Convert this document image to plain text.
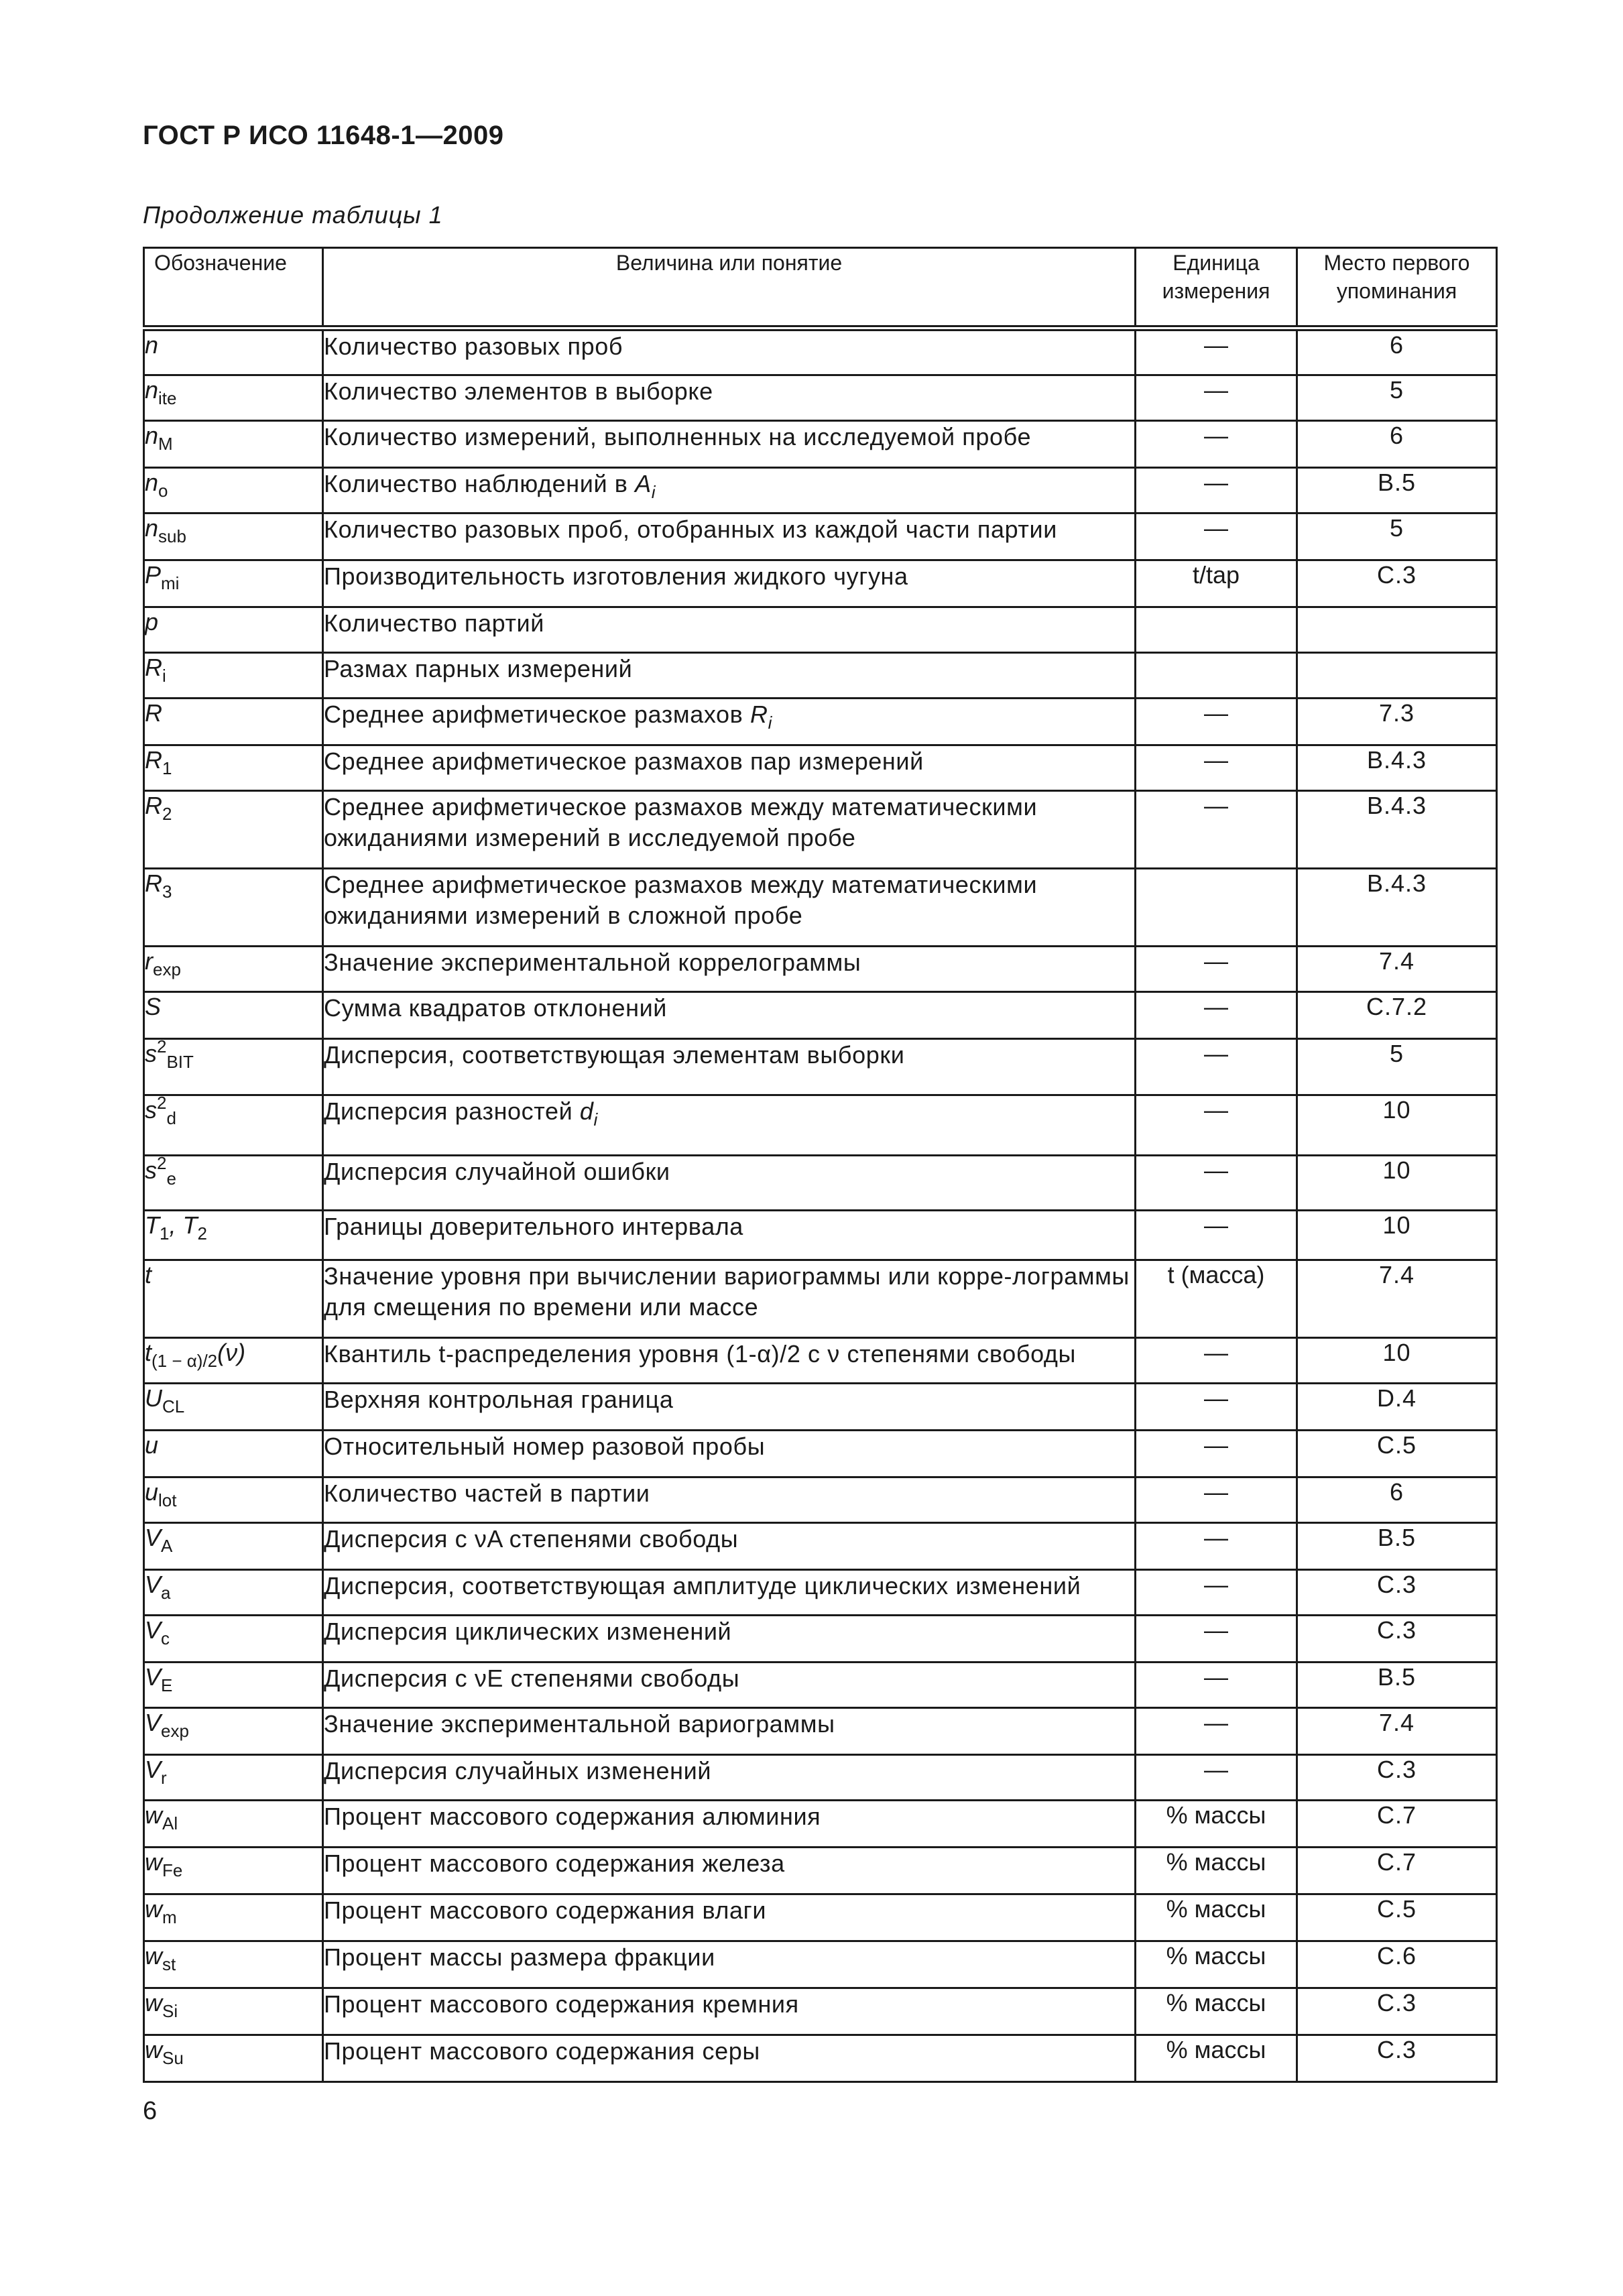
ГОСТ Р ИСО 11648-1—2009
Продолжение таблицы 1
Обозначение	Величина или понятие	Единица измерения	Место первого упоминания
n	Количество разовых проб	—	6
$n_{ite}$	Количество элементов в выборке	—	5
$n_M$	Количество измерений, выполненных на исследуемой пробе	—	6
$n_o$	Количество наблюдений в $A_i$	—	В.5
$n_{sub}$	Количество разовых проб, отобранных из каждой части партии	—	5
$P_{mi}$	Производительность изготовления жидкого чугуна	t/tap	С.3
p	Количество партий		
$R_i$	Размах парных измерений		
$\overline{R}$	Среднее арифметическое размахов $R_i$	—	7.3
$\overline{R}_1$	Среднее арифметическое размахов пар измерений	—	В.4.3
$\overline{R}_2$	Среднее арифметическое размахов между математическими ожиданиями измерений в исследуемой пробе	—	В.4.3
$\overline{R}_3$	Среднее арифметическое размахов между математическими ожиданиями измерений в сложной пробе		В.4.3
$r_{exp}$	Значение экспериментальной коррелограммы	—	7.4
S	Сумма квадратов отклонений	—	С.7.2
$s^2_{BIT}$	Дисперсия, соответствующая элементам выборки	—	5
$s^2_d$	Дисперсия разностей $d_i$	—	10
$s^2_e$	Дисперсия случайной ошибки	—	10
$T_1$, $T_2$	Границы доверительного интервала	—	10
t	Значение уровня при вычислении вариограммы или корре-лограммы для смещения по времени или массе	t (масса)	7.4
$t_{(1 - \alpha)/2}(\nu)$	Квантиль t-распределения уровня (1-α)/2 с ν степенями свободы	—	10
$U_{CL}$	Верхняя контрольная граница	—	D.4
u	Относительный номер разовой пробы	—	С.5
$u_{lot}$	Количество частей в партии	—	6
$V_A$	Дисперсия с νA степенями свободы	—	В.5
$V_a$	Дисперсия, соответствующая амплитуде циклических изменений	—	С.3
$V_c$	Дисперсия циклических изменений	—	С.3
$V_E$	Дисперсия с νE степенями свободы	—	В.5
$V_{exp}$	Значение экспериментальной вариограммы	—	7.4
$V_r$	Дисперсия случайных изменений	—	С.3
$w_{Al}$	Процент массового содержания алюминия	% массы	С.7
$w_{Fe}$	Процент массового содержания железа	% массы	С.7
$w_m$	Процент массового содержания влаги	% массы	С.5
$w_{st}$	Процент массы размера фракции	% массы	С.6
$w_{Si}$	Процент массового содержания кремния	% массы	С.3
$w_{Su}$	Процент массового содержания серы	% массы	С.3
6
